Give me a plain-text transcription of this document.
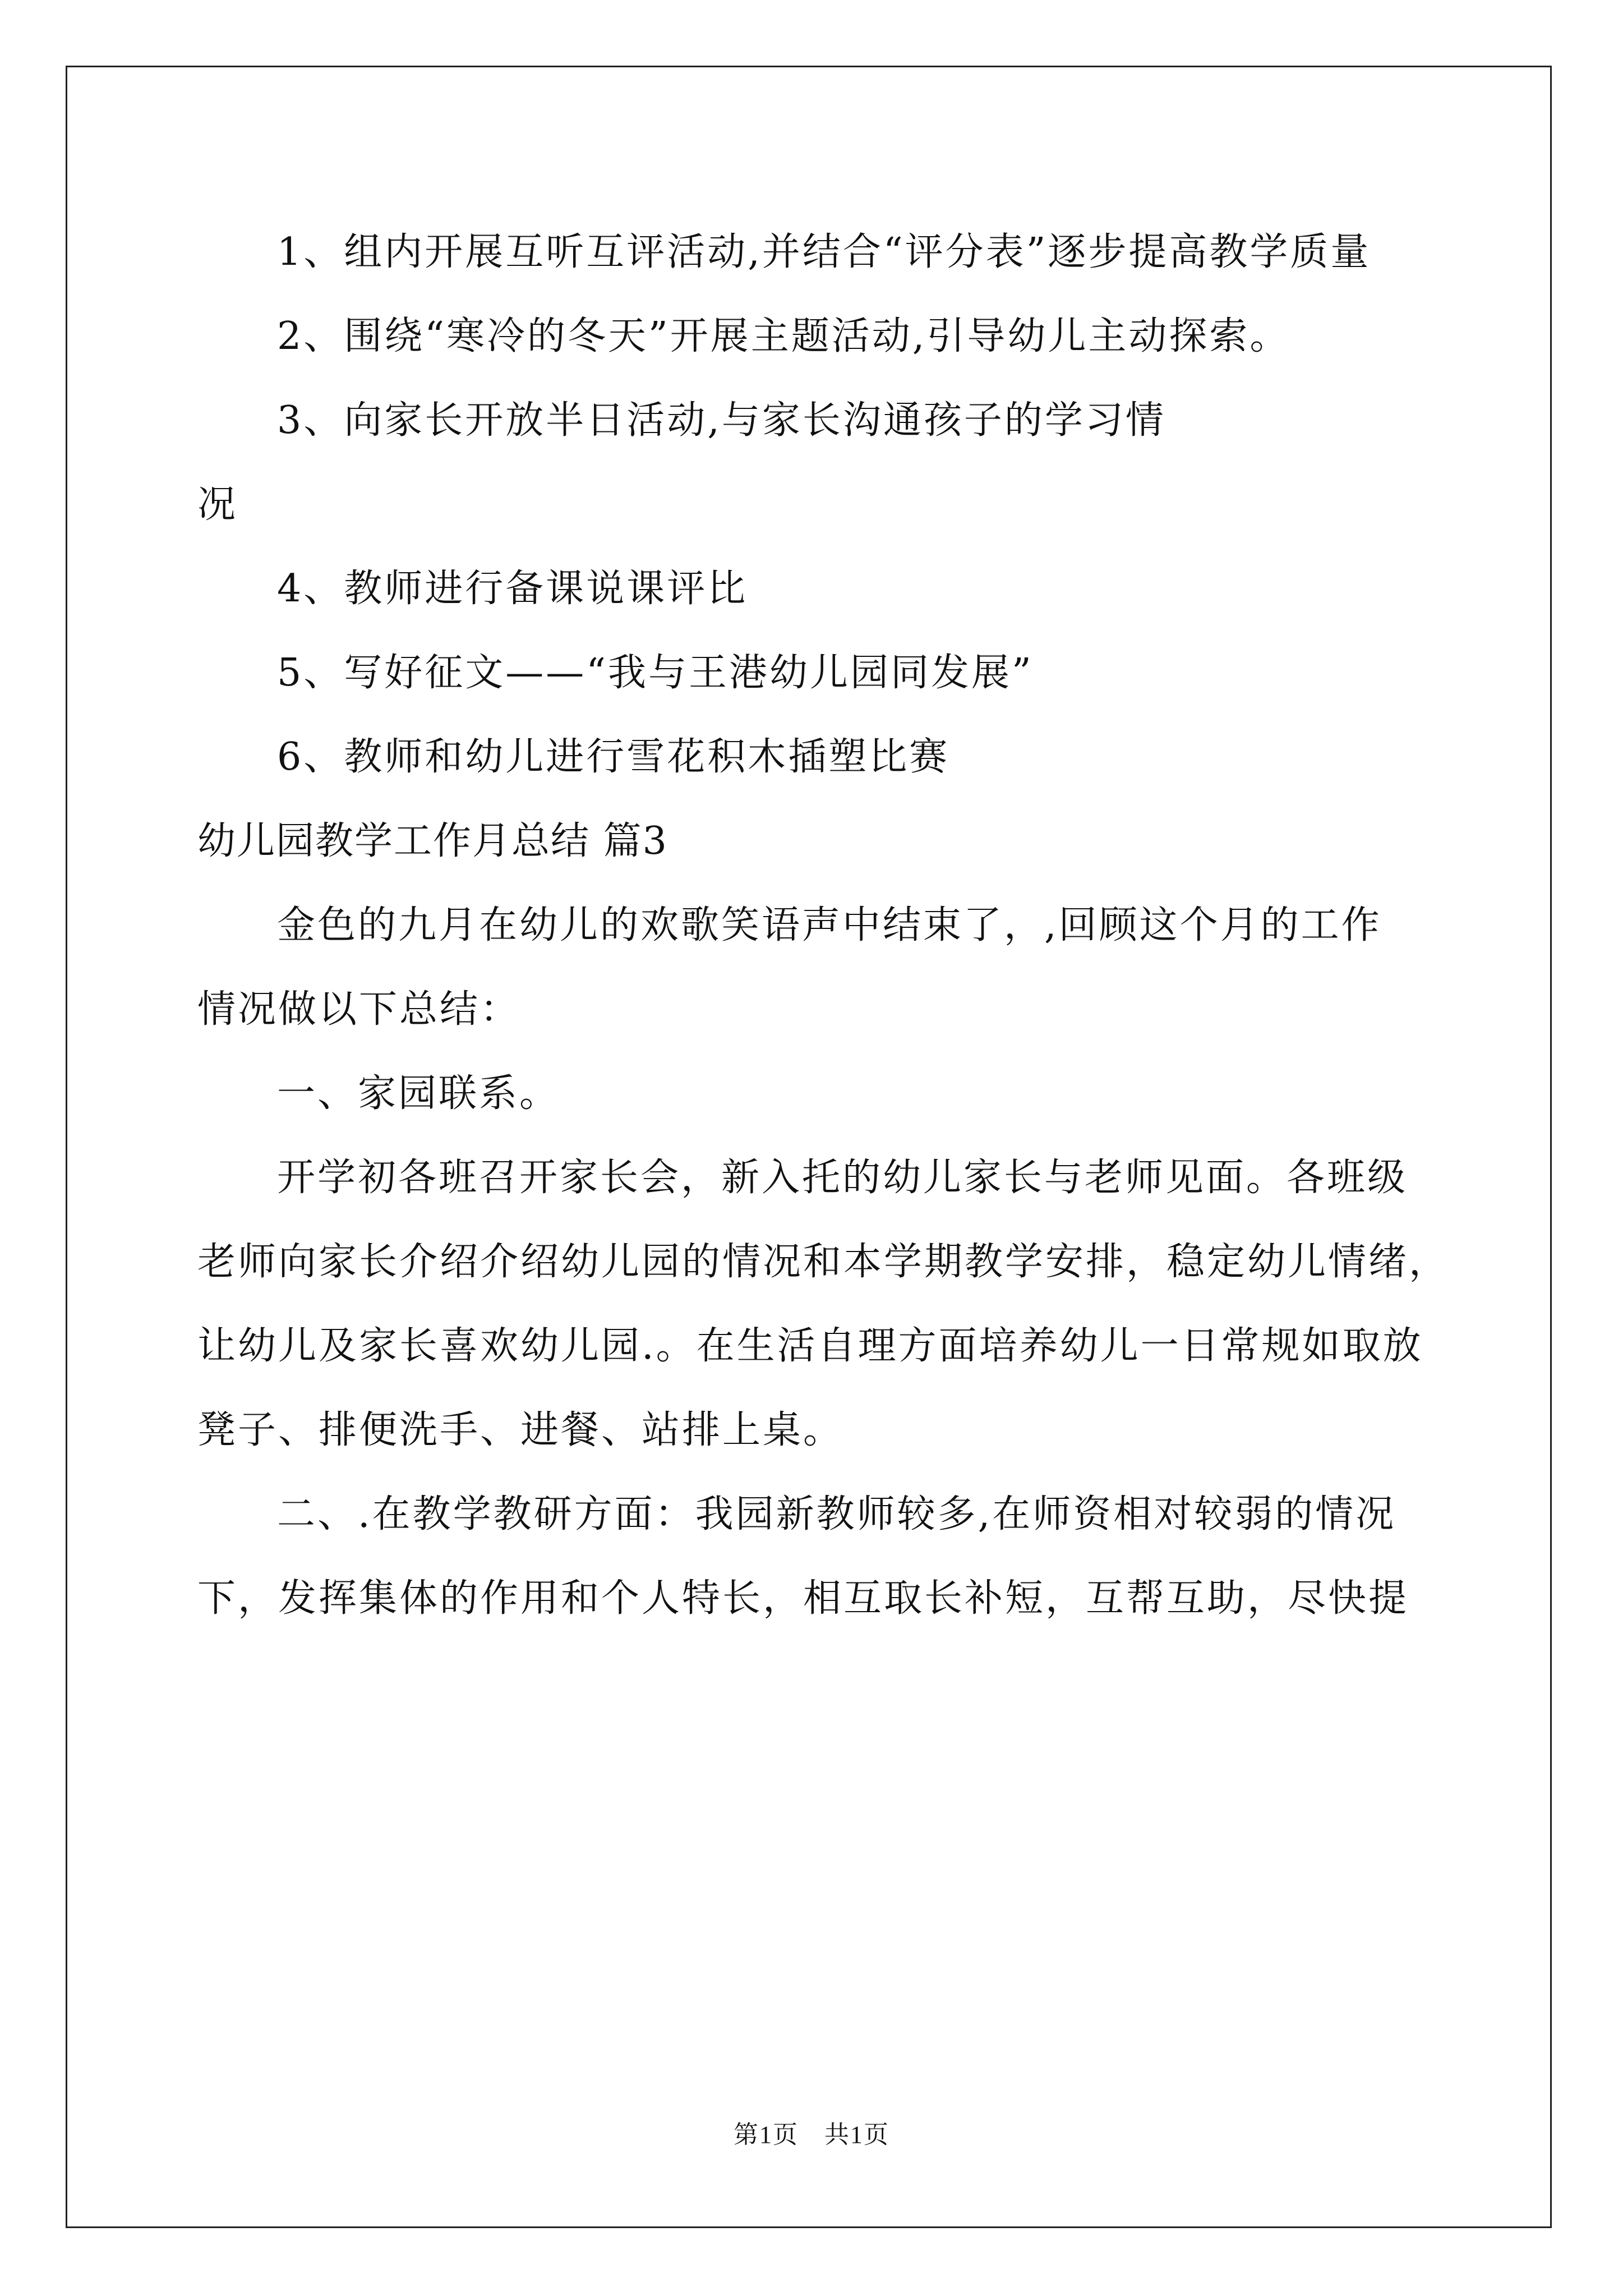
1、组内开展互听互评活动,并结合“评分表”逐步提高教学质量
2、围绕“寒冷的冬天”开展主题活动,引导幼儿主动探索。
3、向家长开放半日活动,与家长沟通孩子的学习情
况
4、教师进行备课说课评比
5、写好征文——“我与王港幼儿园同发展”
6、教师和幼儿进行雪花积木插塑比赛
幼儿园教学工作月总结 篇3
金色的九月在幼儿的欢歌笑语声中结束了，,回顾这个月的工作
情况做以下总结：
一、家园联系。
开学初各班召开家长会，新入托的幼儿家长与老师见面。各班级
老师向家长介绍介绍幼儿园的情况和本学期教学安排，稳定幼儿情绪，
让幼儿及家长喜欢幼儿园.。在生活自理方面培养幼儿一日常规如取放
凳子、排便洗手、进餐、站排上桌。
二、.在教学教研方面：我园新教师较多,在师资相对较弱的情况
下，发挥集体的作用和个人特长，相互取长补短，互帮互助，尽快提
第1页　共1页
